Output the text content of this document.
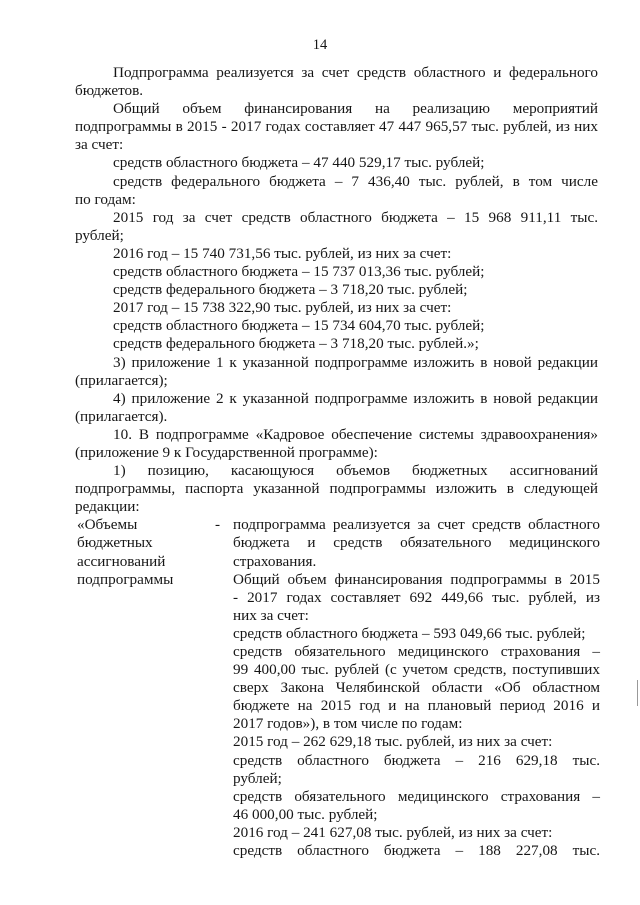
14
Подпрограмма реализуется за счет средств областного и федерального
бюджетов.
Общий объем финансирования на реализацию мероприятий
подпрограммы в 2015 - 2017 годах составляет 47 447 965,57 тыс. рублей, из них
за счет:
средств областного бюджета – 47 440 529,17 тыс. рублей;
средств федерального бюджета – 7 436,40 тыс. рублей, в том числе
по годам:
2015 год за счет средств областного бюджета – 15 968 911,11 тыс.
рублей;
2016 год – 15 740 731,56 тыс. рублей, из них за счет:
средств областного бюджета – 15 737 013,36 тыс. рублей;
средств федерального бюджета – 3 718,20 тыс. рублей;
2017 год – 15 738 322,90 тыс. рублей, из них за счет:
средств областного бюджета – 15 734 604,70 тыс. рублей;
средств федерального бюджета – 3 718,20 тыс. рублей.»;
3) приложение 1 к указанной подпрограмме изложить в новой редакции
(прилагается);
4) приложение 2 к указанной подпрограмме изложить в новой редакции
(прилагается).
10. В подпрограмме «Кадровое обеспечение системы здравоохранения»
(приложение 9 к Государственной программе):
1) позицию, касающуюся объемов бюджетных ассигнований
подпрограммы, паспорта указанной подпрограммы изложить в следующей
редакции:
«Объемы
бюджетных
ассигнований
подпрограммы
- подпрограмма реализуется за счет средств областного
бюджета и средств обязательного медицинского
страхования.
Общий объем финансирования подпрограммы в 2015
- 2017 годах составляет 692 449,66 тыс. рублей, из
них за счет:
средств областного бюджета – 593 049,66 тыс. рублей;
средств обязательного медицинского страхования –
99 400,00 тыс. рублей (с учетом средств, поступивших
сверх Закона Челябинской области «Об областном
бюджете на 2015 год и на плановый период 2016 и
2017 годов»), в том числе по годам:
2015 год – 262 629,18 тыс. рублей, из них за счет:
средств областного бюджета – 216 629,18 тыс.
рублей;
средств обязательного медицинского страхования –
46 000,00 тыс. рублей;
2016 год – 241 627,08 тыс. рублей, из них за счет:
средств областного бюджета – 188 227,08 тыс.
